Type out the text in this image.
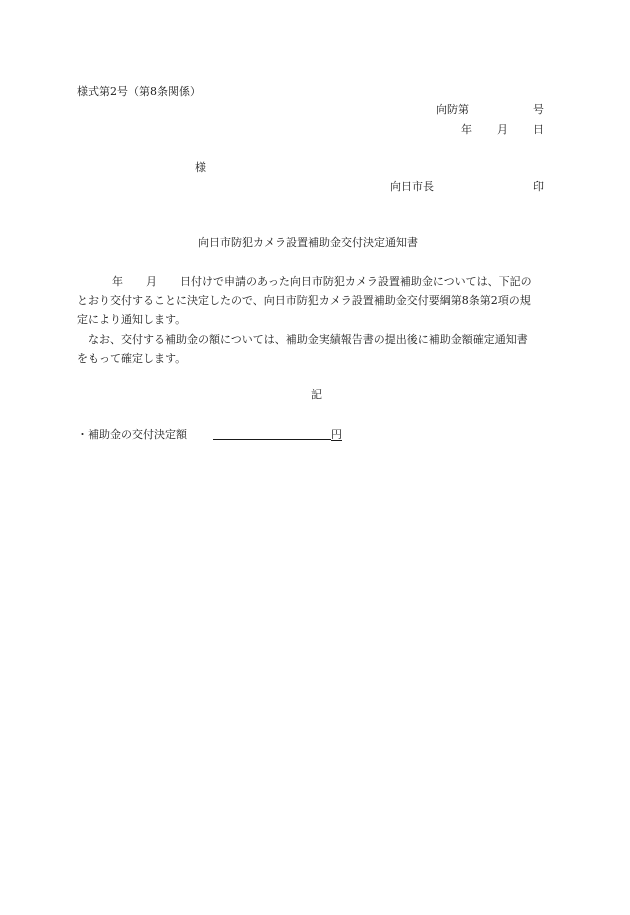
様式第2号（第8条関係）
向防第	号
年 月 日
様
向日市長	印
向日市防犯カメラ設置補助金交付決定通知書
年 月 日付けで申請のあった向日市防犯カメラ設置補助金については、下記の
とおり交付することに決定したので、向日市防犯カメラ設置補助金交付要綱第8条第2項の規
定により通知します。
　なお、交付する補助金の額については、補助金実績報告書の提出後に補助金額確定通知書
をもって確定します。
記
・補助金の交付決定額	円
